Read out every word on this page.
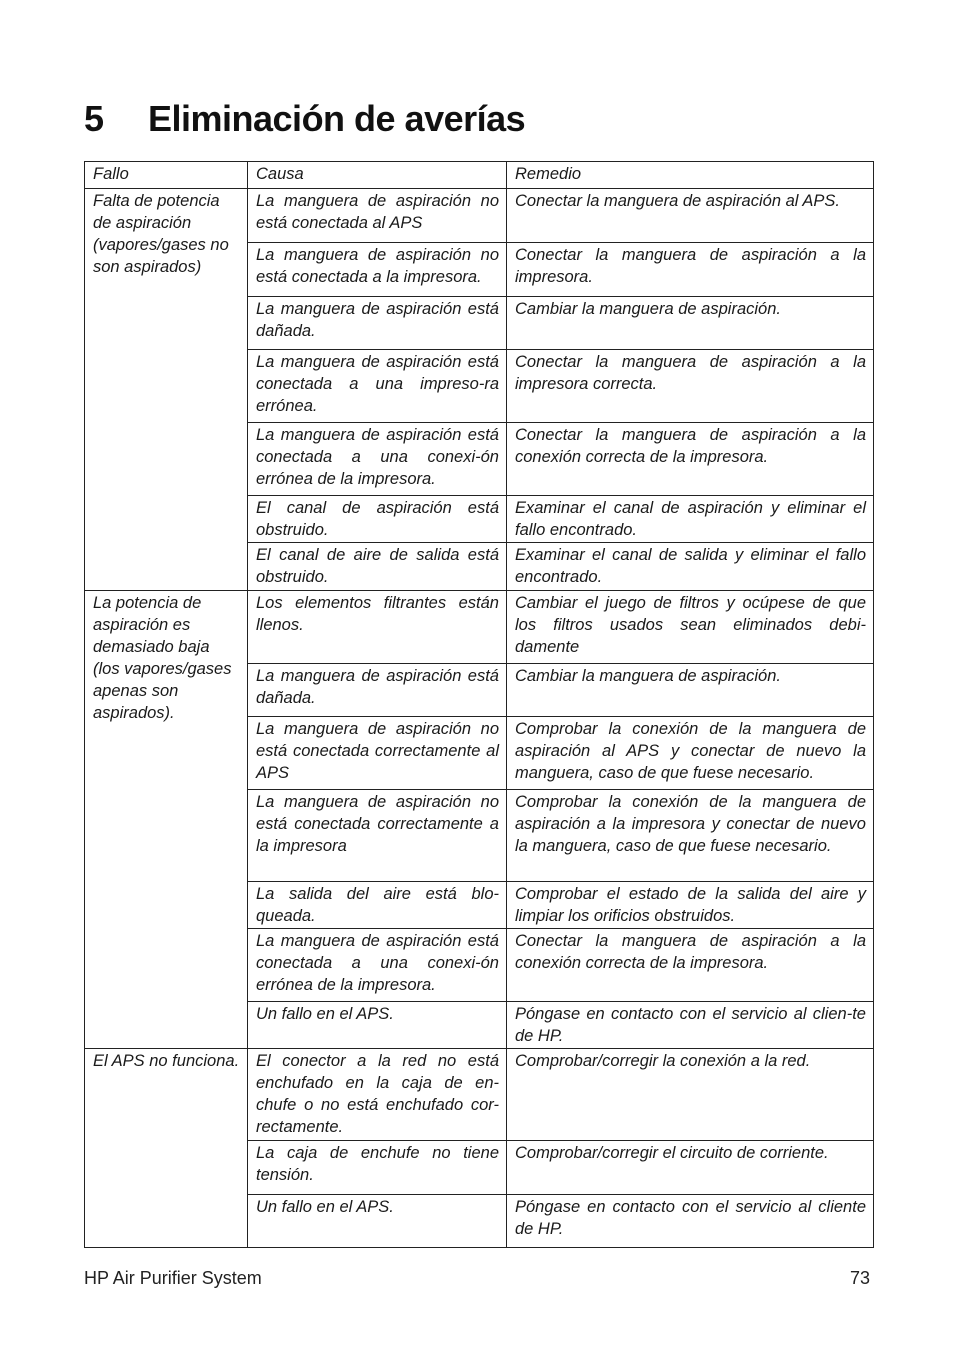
5 Eliminación de averías
Fallo	Causa	Remedio
Falta de potencia de aspiración (vapores/gases no son aspirados)	La manguera de aspiración no está conectada al APS	Conectar la manguera de aspiración al APS.
	La manguera de aspiración no está conectada a la impresora.	Conectar la manguera de aspiración a la impresora.
	La manguera de aspiración está dañada.	Cambiar la manguera de aspiración.
	La manguera de aspiración está conectada a una impreso-ra errónea.	Conectar la manguera de aspiración a la impresora correcta.
	La manguera de aspiración está conectada a una conexi-ón errónea de la impresora.	Conectar la manguera de aspiración a la conexión correcta de la impresora.
	El canal de aspiración está obstruido.	Examinar el canal de aspiración y eliminar el fallo encontrado.
	El canal de aire de salida está obstruido.	Examinar el canal de salida y eliminar el fallo encontrado.
La potencia de aspiración es demasiado baja (los vapores/gases apenas son aspirados).	Los elementos filtrantes están llenos.	Cambiar el juego de filtros y ocúpese de que los filtros usados sean eliminados debi-damente
	La manguera de aspiración está dañada.	Cambiar la manguera de aspiración.
	La manguera de aspiración no está conectada correctamente al APS	Comprobar la conexión de la manguera de aspiración al APS y conectar de nuevo la manguera, caso de que fuese necesario.
	La manguera de aspiración no está conectada correctamente a la impresora	Comprobar la conexión de la manguera de aspiración a la impresora y conectar de nuevo la manguera, caso de que fuese necesario.
	La salida del aire está blo-queada.	Comprobar el estado de la salida del aire y limpiar los orificios obstruidos.
	La manguera de aspiración está conectada a una conexi-ón errónea de la impresora.	Conectar la manguera de aspiración a la conexión correcta de la impresora.
	Un fallo en el APS.	Póngase en contacto con el servicio al clien-te de HP.
El APS no funciona.	El conector a la red no está enchufado en la caja de en-chufe o no está enchufado cor-rectamente.	Comprobar/corregir la conexión a la red.
	La caja de enchufe no tiene tensión.	Comprobar/corregir el circuito de corriente.
	Un fallo en el APS.	Póngase en contacto con el servicio al cliente de HP.
HP Air Purifier System	73
